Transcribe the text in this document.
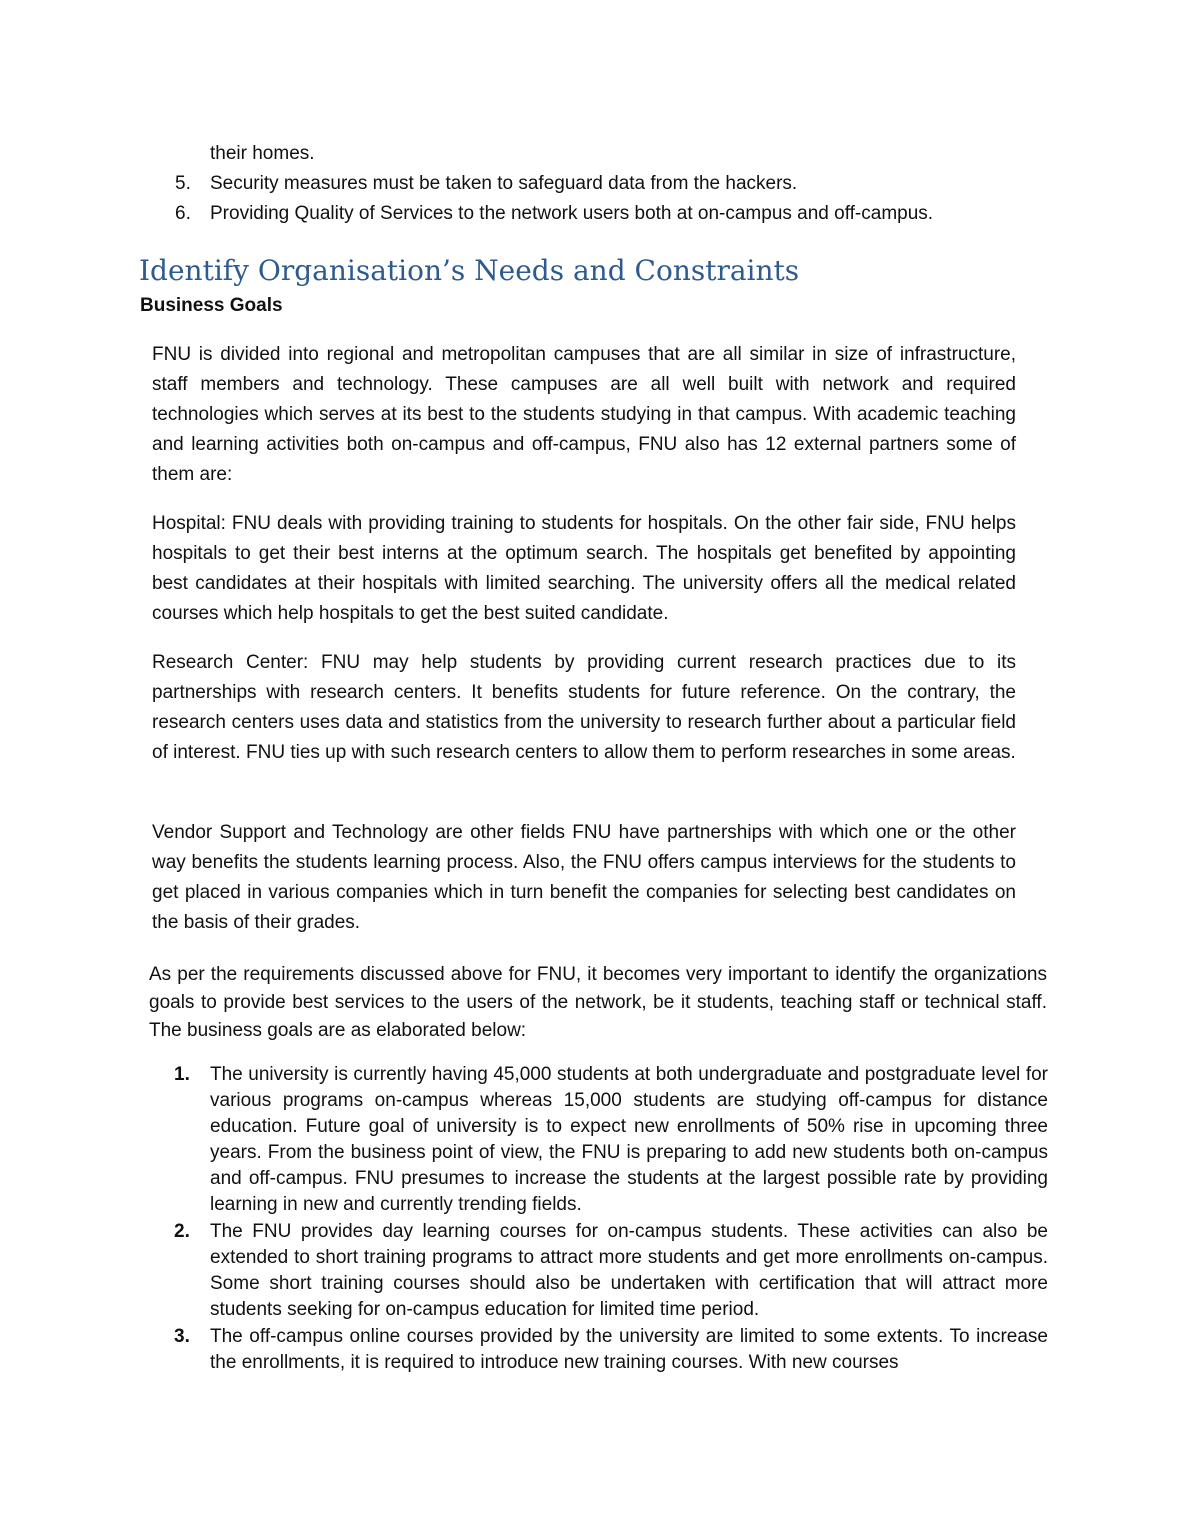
their homes.
5. Security measures must be taken to safeguard data from the hackers.
6. Providing Quality of Services to the network users both at on-campus and off-campus.
Identify Organisation’s Needs and Constraints
Business Goals

FNU is divided into regional and metropolitan campuses that are all similar in size of infrastructure, staff members and technology. These campuses are all well built with network and required technologies which serves at its best to the students studying in that campus. With academic teaching and learning activities both on-campus and off-campus, FNU also has 12 external partners some of them are:

Hospital: FNU deals with providing training to students for hospitals. On the other fair side, FNU helps hospitals to get their best interns at the optimum search. The hospitals get benefited by appointing best candidates at their hospitals with limited searching. The university offers all the medical related courses which help hospitals to get the best suited candidate.

Research Center: FNU may help students by providing current research practices due to its partnerships with research centers. It benefits students for future reference. On the contrary, the research centers uses data and statistics from the university to research further about a particular field of interest. FNU ties up with such research centers to allow them to perform researches in some areas.

Vendor Support and Technology are other fields FNU have partnerships with which one or the other way benefits the students learning process. Also, the FNU offers campus interviews for the students to get placed in various companies which in turn benefit the companies for selecting best candidates on the basis of their grades.

As per the requirements discussed above for FNU, it becomes very important to identify the organizations goals to provide best services to the users of the network, be it students, teaching staff or technical staff. The business goals are as elaborated below:

1. The university is currently having 45,000 students at both undergraduate and postgraduate level for various programs on-campus whereas 15,000 students are studying off-campus for distance education. Future goal of university is to expect new enrollments of 50% rise in upcoming three years. From the business point of view, the FNU is preparing to add new students both on-campus and off-campus. FNU presumes to increase the students at the largest possible rate by providing learning in new and currently trending fields.
2. The FNU provides day learning courses for on-campus students. These activities can also be extended to short training programs to attract more students and get more enrollments on-campus. Some short training courses should also be undertaken with certification that will attract more students seeking for on-campus education for limited time period.
3. The off-campus online courses provided by the university are limited to some extents. To increase the enrollments, it is required to introduce new training courses. With new courses
